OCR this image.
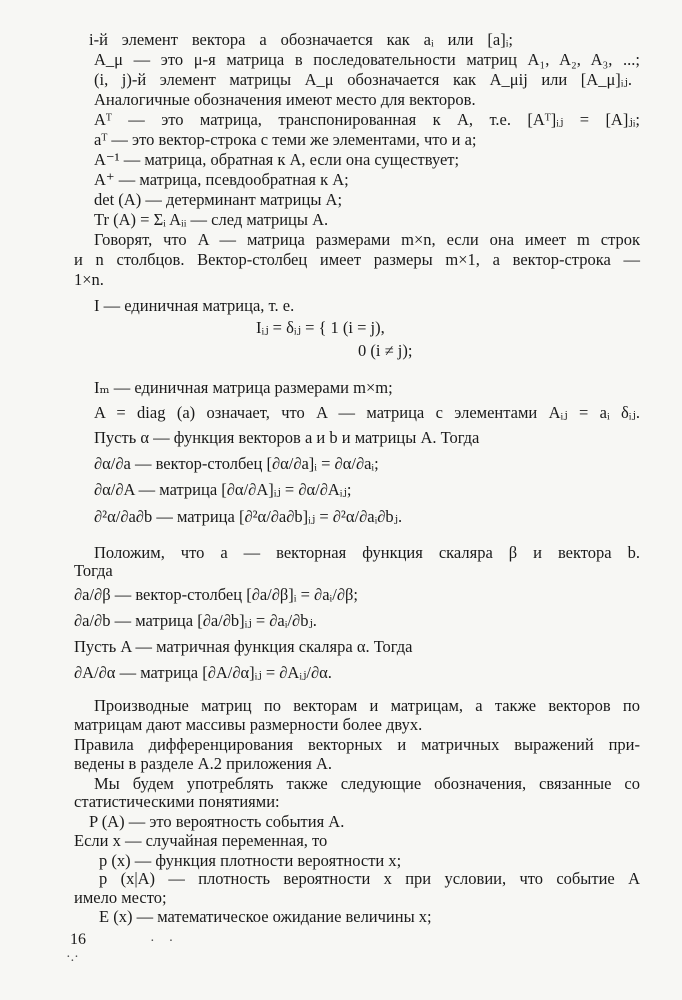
i-й элемент вектора a обозначается как aᵢ или [a]ᵢ;
A_μ — это μ-я матрица в последовательности матриц A₁, A₂, A₃, ...;
(i, j)-й элемент матрицы A_μ обозначается как A_μij или [A_μ]ᵢⱼ.
Аналогичные обозначения имеют место для векторов.
Aᵀ — это матрица, транспонированная к A, т.е. [Aᵀ]ᵢⱼ = [A]ⱼᵢ;
aᵀ — это вектор-строка с теми же элементами, что и a;
A⁻¹ — матрица, обратная к A, если она существует;
A⁺ — матрица, псевдообратная к A;
det (A) — детерминант матрицы A;
Tr (A) = Σᵢ Aᵢᵢ — след матрицы A.
Говорят, что A — матрица размерами m×n, если она имеет m строк
и n столбцов. Вектор-столбец имеет размеры m×1, а вектор-строка —
1×n.
I — единичная матрица, т. е.
Iᵢⱼ = δᵢⱼ = { 1 (i = j),
0 (i ≠ j);
Iₘ — единичная матрица размерами m×m;
A = diag (a) означает, что A — матрица с элементами Aᵢⱼ = aᵢ δᵢⱼ.
Пусть α — функция векторов a и b и матрицы A. Тогда
∂α/∂a — вектор-столбец [∂α/∂a]ᵢ = ∂α/∂aᵢ;
∂α/∂A — матрица [∂α/∂A]ᵢⱼ = ∂α/∂Aᵢⱼ;
∂²α/∂a∂b — матрица [∂²α/∂a∂b]ᵢⱼ = ∂²α/∂aᵢ∂bⱼ.
Положим, что a — векторная функция скаляра β и вектора b.
Тогда
∂a/∂β — вектор-столбец [∂a/∂β]ᵢ = ∂aᵢ/∂β;
∂a/∂b — матрица [∂a/∂b]ᵢⱼ = ∂aᵢ/∂bⱼ.
Пусть A — матричная функция скаляра α. Тогда
∂A/∂α — матрица [∂A/∂α]ᵢⱼ = ∂Aᵢⱼ/∂α.
Производные матриц по векторам и матрицам, а также векторов по
матрицам дают массивы размерности более двух.
Правила дифференцирования векторных и матричных выражений при-
ведены в разделе А.2 приложения А.
Мы будем употреблять также следующие обозначения, связанные со
статистическими понятиями:
P (A) — это вероятность события A.
Если x — случайная переменная, то
p (x) — функция плотности вероятности x;
p (x|A) — плотность вероятности x при условии, что событие A
имело место;
E (x) — математическое ожидание величины x;
16	·    ·
·.·
